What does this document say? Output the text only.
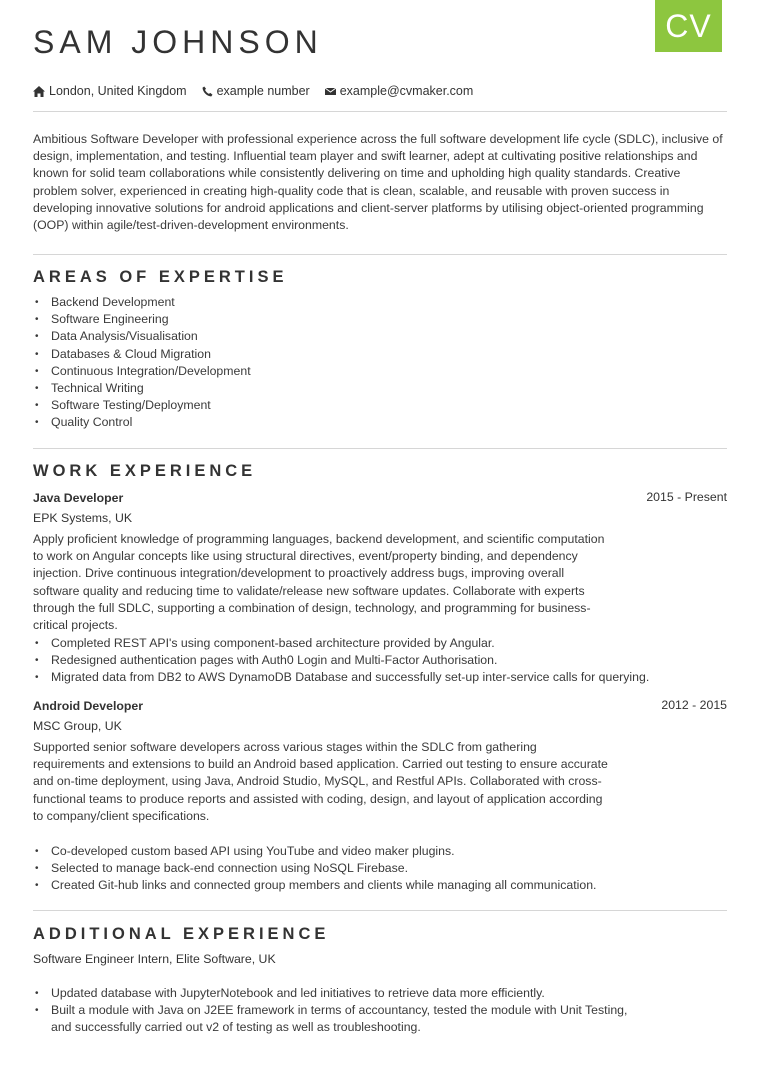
CV
SAM JOHNSON
London, United Kingdom example number example@cvmaker.com

Ambitious Software Developer with professional experience across the full software development life cycle (SDLC), inclusive of design, implementation, and testing. Influential team player and swift learner, adept at cultivating positive relationships and known for solid team collaborations while consistently delivering on time and upholding high quality standards. Creative problem solver, experienced in creating high-quality code that is clean, scalable, and reusable with proven success in developing innovative solutions for android applications and client-server platforms by utilising object-oriented programming (OOP) within agile/test-driven-development environments.

AREAS OF EXPERTISE
• Backend Development
• Software Engineering
• Data Analysis/Visualisation
• Databases & Cloud Migration
• Continuous Integration/Development
• Technical Writing
• Software Testing/Deployment
• Quality Control
WORK EXPERIENCE
Java Developer	2015 - Present
EPK Systems, UK

Apply proficient knowledge of programming languages, backend development, and scientific computation to work on Angular concepts like using structural directives, event/property binding, and dependency injection. Drive continuous integration/development to proactively address bugs, improving overall software quality and reducing time to validate/release new software updates. Collaborate with experts through the full SDLC, supporting a combination of design, technology, and programming for business-critical projects.

• Completed REST API's using component-based architecture provided by Angular.
• Redesigned authentication pages with Auth0 Login and Multi-Factor Authorisation.
• Migrated data from DB2 to AWS DynamoDB Database and successfully set-up inter-service calls for querying.
Android Developer	2012 - 2015
MSC Group, UK

Supported senior software developers across various stages within the SDLC from gathering requirements and extensions to build an Android based application. Carried out testing to ensure accurate and on-time deployment, using Java, Android Studio, MySQL, and Restful APIs. Collaborated with cross-functional teams to produce reports and assisted with coding, design, and layout of application according to company/client specifications.

• Co-developed custom based API using YouTube and video maker plugins.
• Selected to manage back-end connection using NoSQL Firebase.
• Created Git-hub links and connected group members and clients while managing all communication.
ADDITIONAL EXPERIENCE
Software Engineer Intern, Elite Software, UK
• Updated database with JupyterNotebook and led initiatives to retrieve data more efficiently.
• Built a module with Java on J2EE framework in terms of accountancy, tested the module with Unit Testing, and successfully carried out v2 of testing as well as troubleshooting.
